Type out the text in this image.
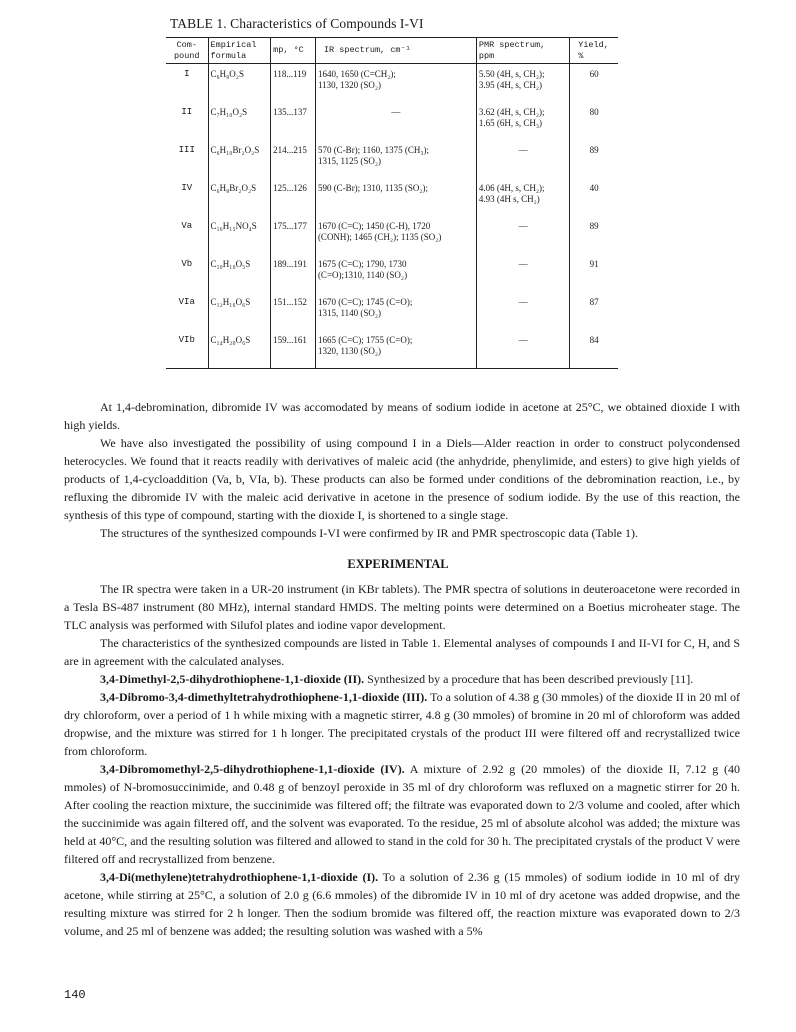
TABLE 1. Characteristics of Compounds I-VI
Com-
pound	Empirical
formula	mp, °C	IR spectrum, cm⁻¹	PMR spectrum,
ppm	Yield, %
I	C₆H₈O₂S	118...119	1640, 1650 (C=CH₂);
1130, 1320 (SO₂)	5.50 (4H, s, CH₂);
3.95 (4H, s, CH₂)	60
II	C₇H₁₀O₂S	135...137	—	3.62 (4H, s, CH₂);
1.65 (6H, s, CH₃)	80
III	C₆H₁₀Br₂O₂S	214...215	570 (C-Br); 1160, 1375 (CH₃);
1315, 1125 (SO₂)	—	89
IV	C₆H₈Br₂O₂S	125...126	590 (C-Br); 1310, 1135 (SO₂);	4.06 (4H, s, CH₂);
4.93 (4H s, CH₂)	40
Va	C₁₆H₁₅NO₄S	175...177	1670 (C=C); 1450 (C-H), 1720
(CONH); 1465 (CH₂); 1135 (SO₂)	—	89
Vb	C₁₀H₁₀O₅S	189...191	1675 (C=C); 1790, 1730
(C=O);1310, 1140 (SO₂)	—	91
VIa	C₁₂H₁₆O₆S	151...152	1670 (C=C); 1745 (C=O);
1315, 1140 (SO₂)	—	87
VIb	C₁₄H₂₀O₆S	159...161	1665 (C=C); 1755 (C=O);
1320, 1130 (SO₂)	—	84

At 1,4-debromination, dibromide IV was accomodated by means of sodium iodide in acetone at 25°C, we obtained dioxide I with high yields.

We have also investigated the possibility of using compound I in a Diels—Alder reaction in order to construct polycondensed heterocycles. We found that it reacts readily with derivatives of maleic acid (the anhydride, phenylimide, and esters) to give high yields of products of 1,4-cycloaddition (Va, b, VIa, b). These products can also be formed under conditions of the debromination reaction, i.e., by refluxing the dibromide IV with the maleic acid derivative in acetone in the presence of sodium iodide. By the use of this reaction, the synthesis of this type of compound, starting with the dioxide I, is shortened to a single stage.

The structures of the synthesized compounds I-VI were confirmed by IR and PMR spectroscopic data (Table 1).

EXPERIMENTAL

The IR spectra were taken in a UR-20 instrument (in KBr tablets). The PMR spectra of solutions in deuteroacetone were recorded in a Tesla BS-487 instrument (80 MHz), internal standard HMDS. The melting points were determined on a Boetius microheater stage. The TLC analysis was performed with Silufol plates and iodine vapor development.

The characteristics of the synthesized compounds are listed in Table 1. Elemental analyses of compounds I and II-VI for C, H, and S are in agreement with the calculated analyses.

3,4-Dimethyl-2,5-dihydrothiophene-1,1-dioxide (II). Synthesized by a procedure that has been described previously [11].

3,4-Dibromo-3,4-dimethyltetrahydrothiophene-1,1-dioxide (III). To a solution of 4.38 g (30 mmoles) of the dioxide II in 20 ml of dry chloroform, over a period of 1 h while mixing with a magnetic stirrer, 4.8 g (30 mmoles) of bromine in 20 ml of chloroform was added dropwise, and the mixture was stirred for 1 h longer. The precipitated crystals of the product III were filtered off and recrystallized twice from chloroform.

3,4-Dibromomethyl-2,5-dihydrothiophene-1,1-dioxide (IV). A mixture of 2.92 g (20 mmoles) of the dioxide II, 7.12 g (40 mmoles) of N-bromosuccinimide, and 0.48 g of benzoyl peroxide in 35 ml of dry chloroform was refluxed on a magnetic stirrer for 20 h. After cooling the reaction mixture, the succinimide was filtered off; the filtrate was evaporated down to 2/3 volume and cooled, after which the succinimide was again filtered off, and the solvent was evaporated. To the residue, 25 ml of absolute alcohol was added; the mixture was held at 40°C, and the resulting solution was filtered and allowed to stand in the cold for 30 h. The precipitated crystals of the product V were filtered off and recrystallized from benzene.

3,4-Di(methylene)tetrahydrothiophene-1,1-dioxide (I). To a solution of 2.36 g (15 mmoles) of sodium iodide in 10 ml of dry acetone, while stirring at 25°C, a solution of 2.0 g (6.6 mmoles) of the dibromide IV in 10 ml of dry acetone was added dropwise, and the resulting mixture was stirred for 2 h longer. Then the sodium bromide was filtered off, the reaction mixture was evaporated down to 2/3 volume, and 25 ml of benzene was added; the resulting solution was washed with a 5%

140
